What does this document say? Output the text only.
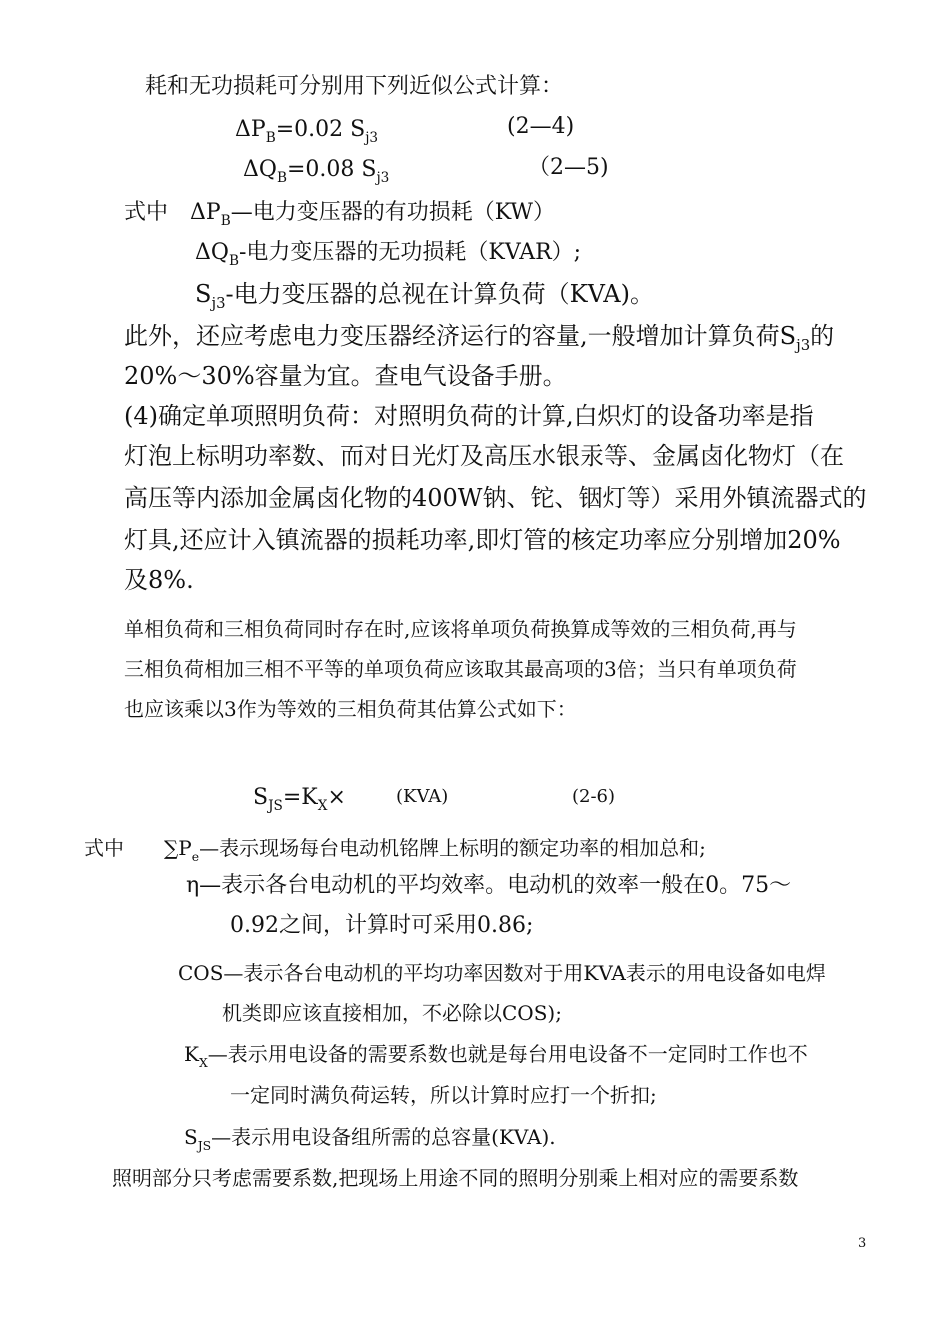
耗和无功损耗可分别用下列近似公式计算：
$\Delta P_B=0.02$ $S_{j3}$	(2—4)
$\Delta Q_B=0.08$ $S_{j3}$	（2—5)
式中　$\Delta P_B—$电力变压器的有功损耗（KW）
$\Delta Q_B-$电力变压器的无功损耗（KVAR）;
$S_{j3}-$电力变压器的总视在计算负荷（KVA)。
此外，还应考虑电力变压器经济运行的容量,一般增加计算负荷$S_{j3}$的
20%～30%容量为宜。查电气设备手册。
(4)确定单项照明负荷：对照明负荷的计算,白炽灯的设备功率是指
灯泡上标明功率数、而对日光灯及高压水银汞等、金属卤化物灯（在
高压等内添加金属卤化物的400W钠、铊、铟灯等）采用外镇流器式的
灯具,还应计入镇流器的损耗功率,即灯管的核定功率应分别增加20%
及8%.
单相负荷和三相负荷同时存在时,应该将单项负荷换算成等效的三相负荷,再与
三相负荷相加三相不平等的单项负荷应该取其最高项的3倍；当只有单项负荷
也应该乘以3作为等效的三相负荷其估算公式如下：
$S_{JS}=K_X\times$	(KVA)	(2-6)
式中　　$\sum P_e—$表示现场每台电动机铭牌上标明的额定功率的相加总和;
η—表示各台电动机的平均效率。电动机的效率一般在0。75～
0.92之间，计算时可采用0.86;
COS—表示各台电动机的平均功率因数对于用KVA表示的用电设备如电焊
机类即应该直接相加，不必除以COS);
$K_X—$表示用电设备的需要系数也就是每台用电设备不一定同时工作也不
一定同时满负荷运转，所以计算时应打一个折扣;
$S_{JS}—$表示用电设备组所需的总容量(KVA).
照明部分只考虑需要系数,把现场上用途不同的照明分别乘上相对应的需要系数
3
